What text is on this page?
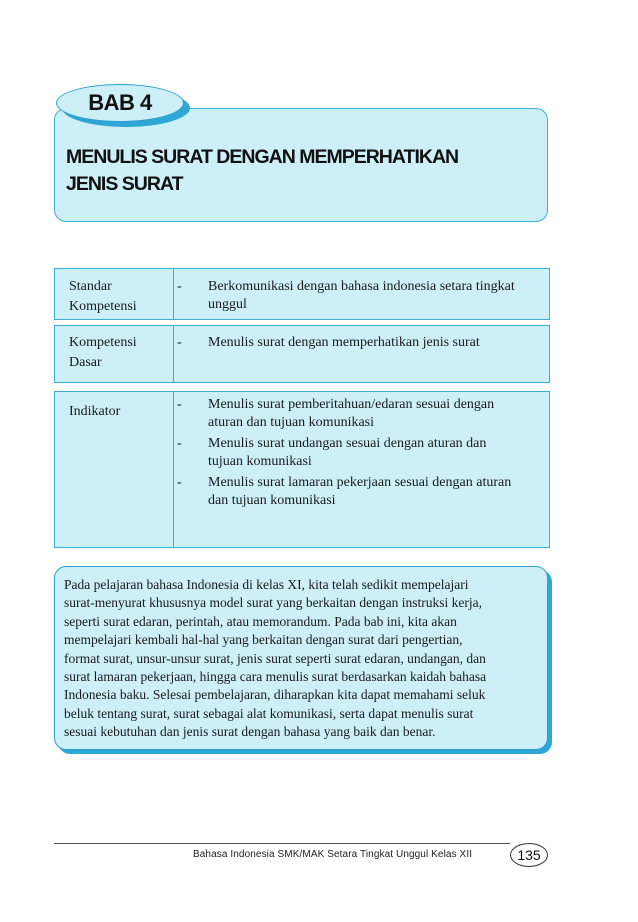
BAB 4
MENULIS SURAT DENGAN MEMPERHATIKAN
JENIS SURAT
Standar
Kompetensi
- Berkomunikasi dengan bahasa indonesia setara tingkat
unggul
Kompetensi
Dasar
- Menulis surat dengan memperhatikan jenis surat
Indikator	- Menulis surat pemberitahuan/edaran sesuai dengan
aturan dan tujuan komunikasi
- Menulis surat undangan sesuai dengan aturan dan
tujuan komunikasi
- Menulis surat lamaran pekerjaan sesuai dengan aturan
dan tujuan komunikasi
Pada pelajaran bahasa Indonesia di kelas XI, kita telah sedikit mempelajari
surat-menyurat khususnya model surat yang berkaitan dengan instruksi kerja,
seperti surat edaran, perintah, atau memorandum. Pada bab ini, kita akan
mempelajari kembali hal-hal yang berkaitan dengan surat dari pengertian,
format surat, unsur-unsur surat, jenis surat seperti surat edaran, undangan, dan
surat lamaran pekerjaan, hingga cara menulis surat berdasarkan kaidah bahasa
Indonesia baku. Selesai pembelajaran, diharapkan kita dapat memahami seluk
beluk tentang surat, surat sebagai alat komunikasi, serta dapat menulis surat
sesuai kebutuhan dan jenis surat dengan bahasa yang baik dan benar.
Bahasa Indonesia SMK/MAK Setara Tingkat Unggul Kelas XII	135
